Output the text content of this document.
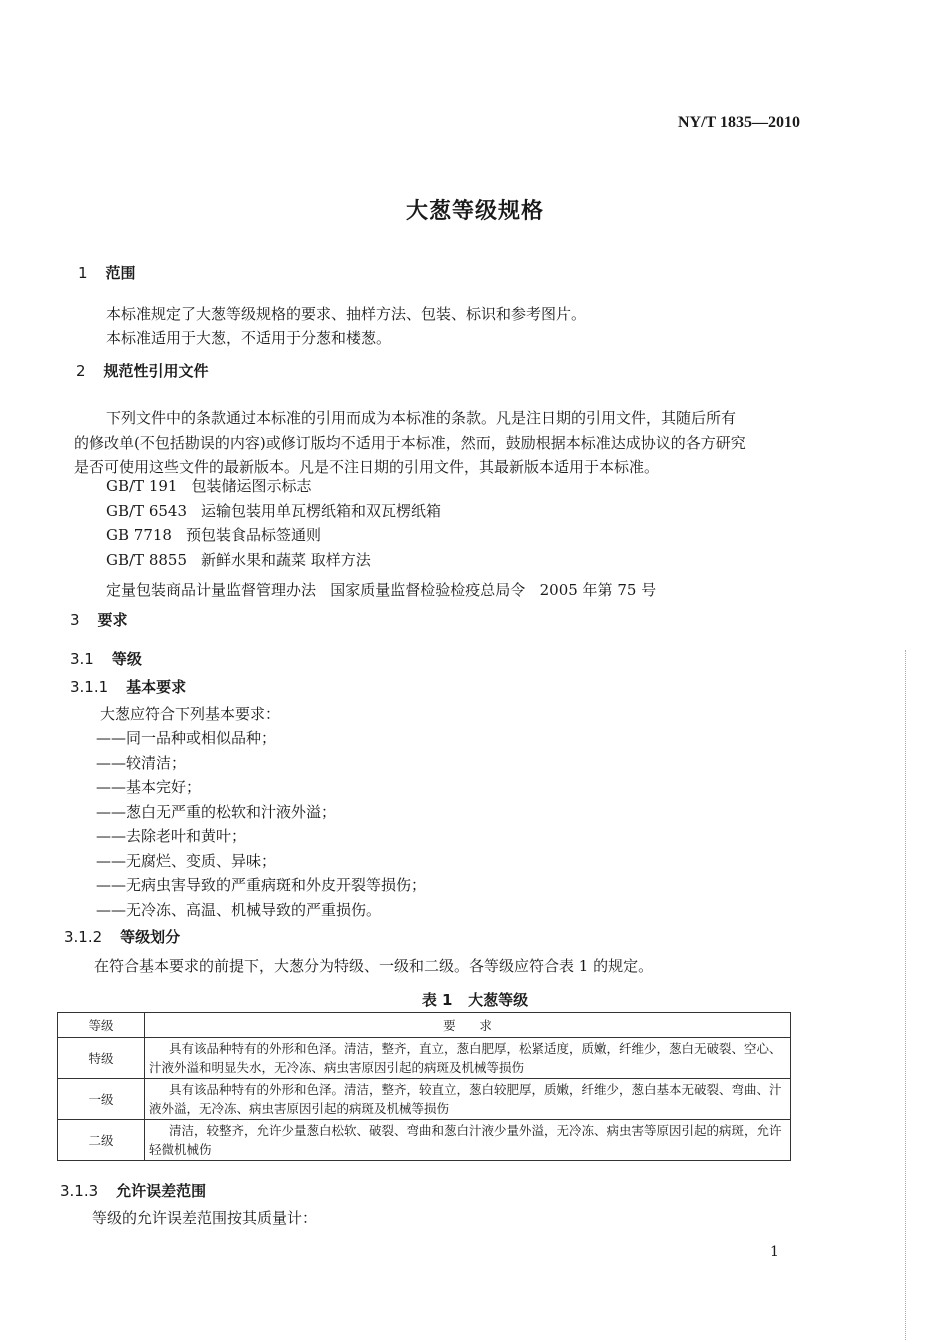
NY/T 1835—2010
大葱等级规格
1 范围
本标准规定了大葱等级规格的要求、抽样方法、包装、标识和参考图片。
本标准适用于大葱，不适用于分葱和楼葱。
2 规范性引用文件
下列文件中的条款通过本标准的引用而成为本标准的条款。凡是注日期的引用文件，其随后所有
的修改单(不包括勘误的内容)或修订版均不适用于本标准，然而，鼓励根据本标准达成协议的各方研究
是否可使用这些文件的最新版本。凡是不注日期的引用文件，其最新版本适用于本标准。
GB/T 191 包装储运图示标志
GB/T 6543 运输包装用单瓦楞纸箱和双瓦楞纸箱
GB 7718 预包装食品标签通则
GB/T 8855 新鲜水果和蔬菜 取样方法
定量包装商品计量监督管理办法   国家质量监督检验检疫总局令   2005 年第 75 号
3 要求
3.1 等级
3.1.1 基本要求
大葱应符合下列基本要求：
——同一品种或相似品种；
——较清洁；
——基本完好；
——葱白无严重的松软和汁液外溢；
——去除老叶和黄叶；
——无腐烂、变质、异味；
——无病虫害导致的严重病斑和外皮开裂等损伤；
——无冷冻、高温、机械导致的严重损伤。
3.1.2 等级划分
在符合基本要求的前提下，大葱分为特级、一级和二级。各等级应符合表 1 的规定。
表 1   大葱等级
等级	要      求
特级	具有该品种特有的外形和色泽。清洁，整齐，直立，葱白肥厚，松紧适度，质嫩，纤维少，葱白无破裂、空心、汁液外溢和明显失水，无冷冻、病虫害原因引起的病斑及机械等损伤
一级	具有该品种特有的外形和色泽。清洁，整齐，较直立，葱白较肥厚，质嫩，纤维少，葱白基本无破裂、弯曲、汁液外溢，无冷冻、病虫害原因引起的病斑及机械等损伤
二级	清洁，较整齐，允许少量葱白松软、破裂、弯曲和葱白汁液少量外溢，无冷冻、病虫害等原因引起的病斑，允许轻微机械伤
3.1.3 允许误差范围
等级的允许误差范围按其质量计：
1
